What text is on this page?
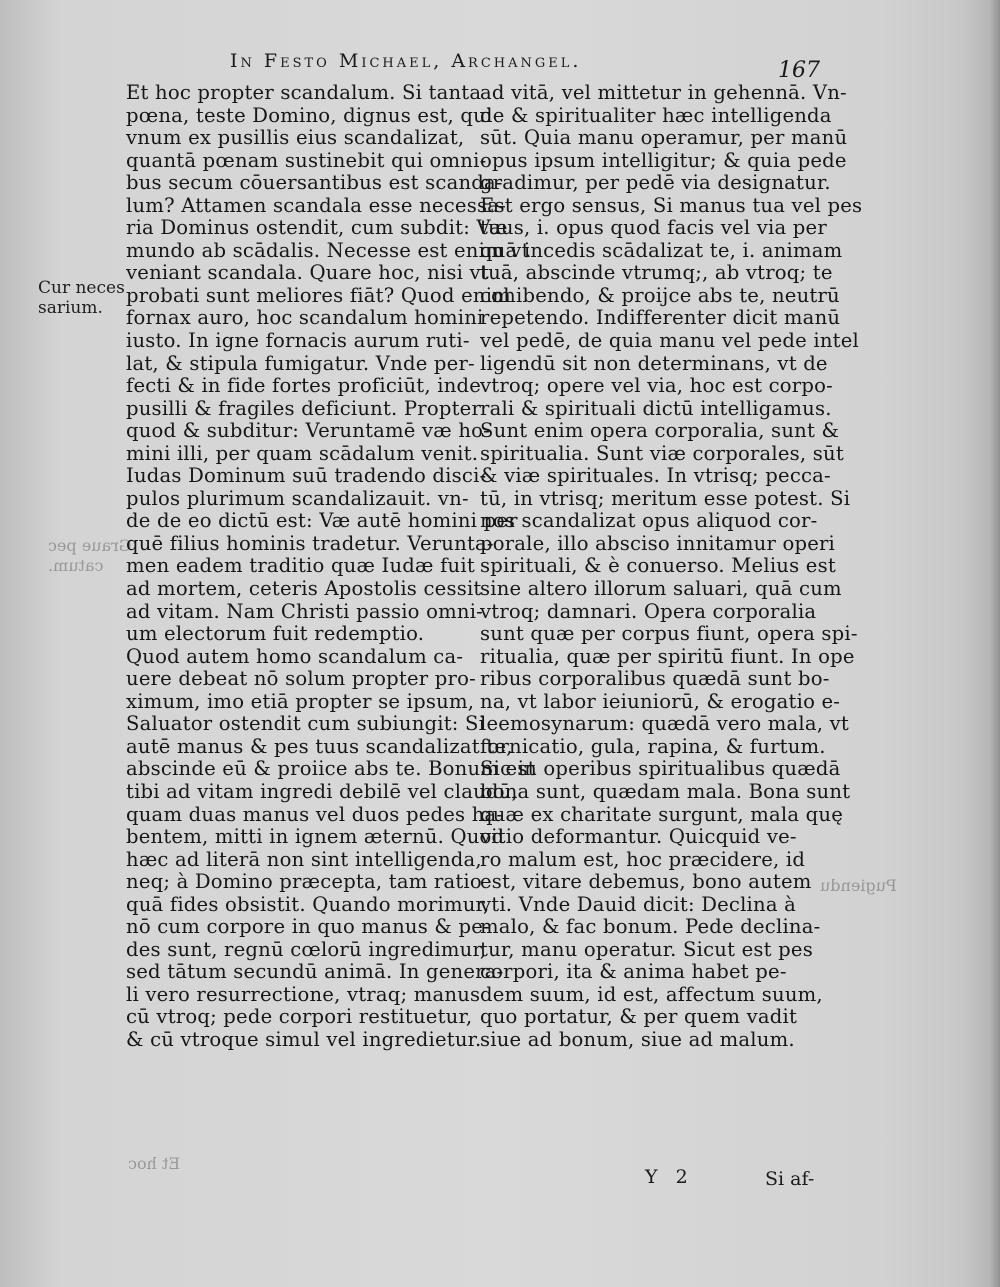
In Festo Michael, Archangel.	167
Graue pec
catum.
Pugiendu
Et hoc
Cur neces
sarium.
Et hoc propter scandalum. Si tanta
pœna, teste Domino, dignus est, qui
vnum ex pusillis eius scandalizat,
quantā pœnam sustinebit qui omni-
bus secum cōuersantibus est scanda-
lum? Attamen scandala esse necessa-
ria Dominus ostendit, cum subdit: Væ
mundo ab scādalis. Necesse est enim vt
veniant scandala. Quare hoc, nisi vt
probati sunt meliores fiāt? Quod enim
fornax auro, hoc scandalum homini
iusto. In igne fornacis aurum ruti-
lat, & stipula fumigatur. Vnde per-
fecti & in fide fortes proficiūt, inde
pusilli & fragiles deficiunt. Propter
quod & subditur: Veruntamē væ ho-
mini illi, per quam scādalum venit.
Iudas Dominum suū tradendo disci-
pulos plurimum scandalizauit. vn-
de de eo dictū est: Væ autē homini per
quē filius hominis tradetur. Verunta-
men eadem traditio quæ Iudæ fuit
ad mortem, ceteris Apostolis cessit
ad vitam. Nam Christi passio omni-
um electorum fuit redemptio.
Quod autem homo scandalum ca-
uere debeat nō solum propter pro-
ximum, imo etiā propter se ipsum,
Saluator ostendit cum subiungit: Si
autē manus & pes tuus scandalizat te,
abscinde eū & proiice abs te. Bonum est
tibi ad vitam ingredi debilē vel claudū,
quam duas manus vel duos pedes ha-
bentem, mitti in ignem æternū. Quod
hæc ad literā non sint intelligenda,
neq; à Domino præcepta, tam ratio
quā fides obsistit. Quando morimur,
nō cum corpore in quo manus & pe-
des sunt, regnū cœlorū ingredimur,
sed tātum secundū animā. In genera-
li vero resurrectione, vtraq; manus
cū vtroq; pede corpori restituetur,
& cū vtroque simul vel ingredietur.
ad vitā, vel mittetur in gehennā. Vn-
de & spiritualiter hæc intelligenda
sūt. Quia manu operamur, per manū
opus ipsum intelligitur; & quia pede
gradimur, per pedē via designatur.
Est ergo sensus, Si manus tua vel pes
tuus, i. opus quod facis vel via per
quā incedis scādalizat te, i. animam
tuā, abscinde vtrumq;, ab vtroq; te
cohibendo, & proijce abs te, neutrū
repetendo. Indifferenter dicit manū
vel pedē, de quia manu vel pede intel
ligendū sit non determinans, vt de
vtroq; opere vel via, hoc est corpo-
rali & spirituali dictū intelligamus.
Sunt enim opera corporalia, sunt &
spiritualia. Sunt viæ corporales, sūt
& viæ spirituales. In vtrisq; pecca-
tū, in vtrisq; meritum esse potest. Si
nos scandalizat opus aliquod cor-
porale, illo absciso innitamur operi
spirituali, & è conuerso. Melius est
sine altero illorum saluari, quā cum
vtroq; damnari. Opera corporalia
sunt quæ per corpus fiunt, opera spi-
ritualia, quæ per spiritū fiunt. In ope
ribus corporalibus quædā sunt bo-
na, vt labor ieiuniorū, & erogatio e-
leemosynarum: quædā vero mala, vt
fornicatio, gula, rapina, & furtum.
Sic in operibus spiritualibus quædā
bona sunt, quædam mala. Bona sunt
quæ ex charitate surgunt, mala quę
vitio deformantur. Quicquid ve-
ro malum est, hoc præcidere, id
est, vitare debemus, bono autem
vti. Vnde Dauid dicit: Declina à
malo, & fac bonum. Pede declina-
tur, manu operatur. Sicut est pes
corpori, ita & anima habet pe-
dem suum, id est, affectum suum,
quo portatur, & per quem vadit
siue ad bonum, siue ad malum.
Y 2	Si af-
